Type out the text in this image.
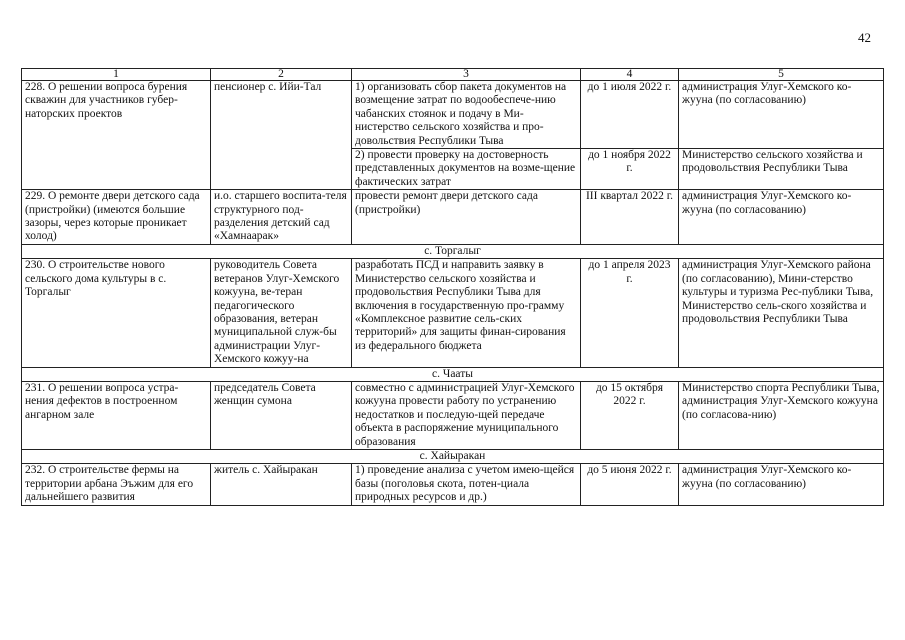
42
1	2	3	4	5
228. О решении вопроса бурения скважин для участников губер-наторских проектов	пенсионер с. Ийи-Тал	1) организовать сбор пакета документов на возмещение затрат по водообеспече-нию чабанских стоянок и подачу в Ми-нистерство сельского хозяйства и про-довольствия Республики Тыва	до 1 июля 2022 г.	администрация Улуг-Хемского ко-жууна (по согласованию)
		2) провести проверку на достоверность представленных документов на возме-щение фактических затрат	до 1 ноября 2022 г.	Министерство сельского хозяйства и продовольствия Республики Тыва
229. О ремонте двери детского сада (пристройки) (имеются большие зазоры, через которые проникает холод)	и.о. старшего воспита-теля структурного под-разделения детский сад «Хамнаарак»	провести ремонт двери детского сада (пристройки)	III квартал 2022 г.	администрация Улуг-Хемского ко-жууна (по согласованию)
с. Торгалыг				
230. О строительстве нового сельского дома культуры в с. Торгалыг	руководитель Совета ветеранов Улуг-Хемского кожууна, ве-теран педагогического образования, ветеран муниципальной служ-бы администрации Улуг-Хемского кожуу-на	разработать ПСД и направить заявку в Министерство сельского хозяйства и продовольствия Республики Тыва для включения в государственную про-грамму «Комплексное развитие сель-ских территорий» для защиты финан-сирования из федерального бюджета	до 1 апреля 2023 г.	администрация Улуг-Хемского района (по согласованию), Мини-стерство культуры и туризма Рес-публики Тыва, Министерство сель-ского хозяйства и продовольствия Республики Тыва
с. Чааты				
231. О решении вопроса устра-нения дефектов в построенном ангарном зале	председатель Совета женщин сумона	совместно с администрацией Улуг-Хемского кожууна провести работу по устранению недостатков и последую-щей передаче объекта в распоряжение муниципального образования	до 15 октября 2022 г.	Министерство спорта Республики Тыва, администрация Улуг-Хемского кожууна (по согласова-нию)
с. Хайыракан				
232. О строительстве фермы на территории арбана Эъжим для его дальнейшего развития	житель с. Хайыракан	1) проведение анализа с учетом имею-щейся базы (поголовья скота, потен-циала природных ресурсов и др.)	до 5 июня 2022 г.	администрация Улуг-Хемского ко-жууна (по согласованию)
